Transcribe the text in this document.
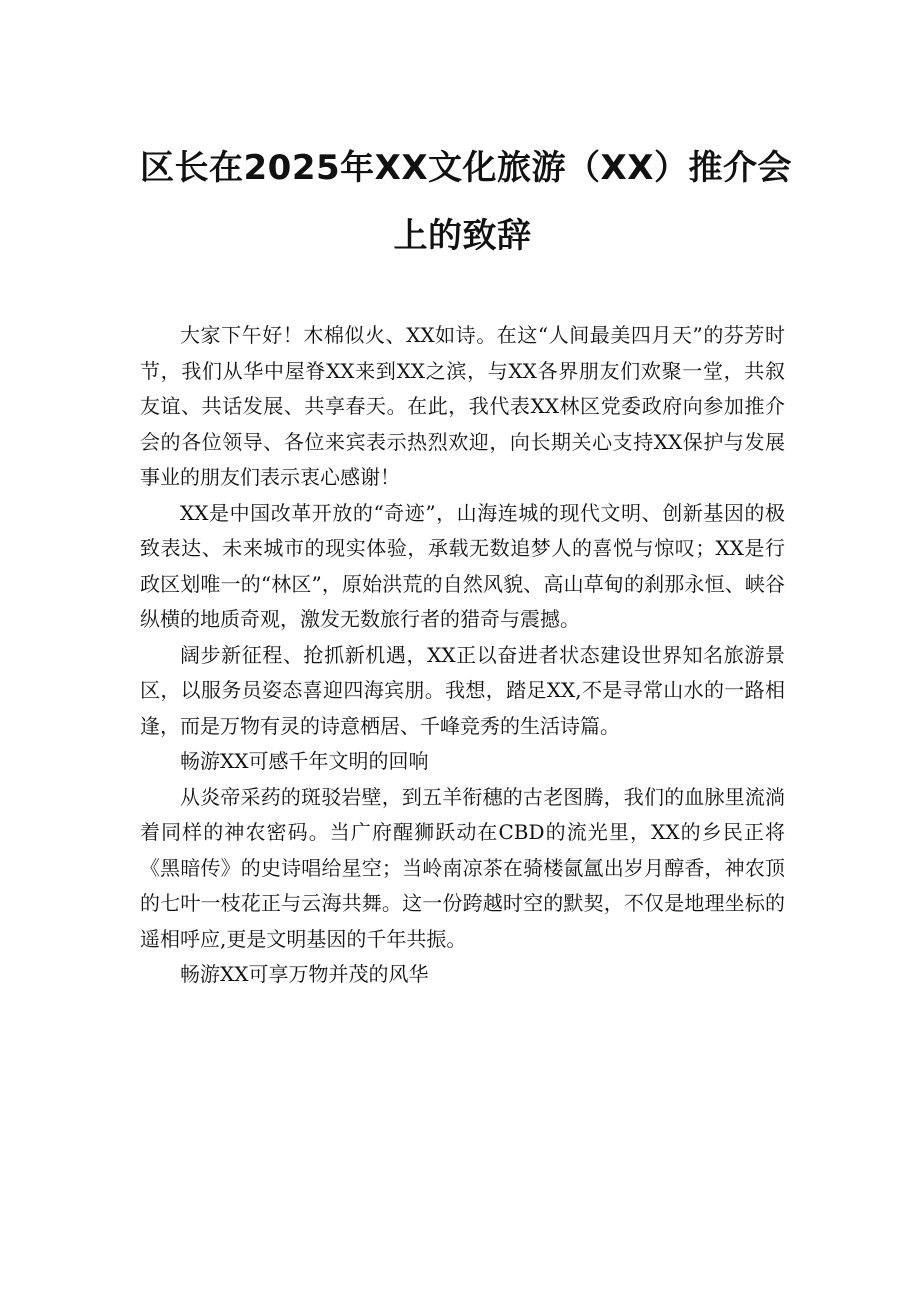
区长在2025年XX文化旅游（XX）推介会
上的致辞

大家下午好！木棉似火、XX如诗。在这“人间最美四月天”的芬芳时节，我们从华中屋脊XX来到XX之滨，与XX各界朋友们欢聚一堂，共叙友谊、共话发展、共享春天。在此，我代表XX林区党委政府向参加推介会的各位领导、各位来宾表示热烈欢迎，向长期关心支持XX保护与发展事业的朋友们表示衷心感谢！

XX是中国改革开放的“奇迹”，山海连城的现代文明、创新基因的极致表达、未来城市的现实体验，承载无数追梦人的喜悦与惊叹；XX是行政区划唯一的“林区”，原始洪荒的自然风貌、高山草甸的刹那永恒、峡谷纵横的地质奇观，激发无数旅行者的猎奇与震撼。

阔步新征程、抢抓新机遇，XX正以奋进者状态建设世界知名旅游景区，以服务员姿态喜迎四海宾朋。我想，踏足XX,不是寻常山水的一路相逢，而是万物有灵的诗意栖居、千峰竞秀的生活诗篇。

畅游XX可感千年文明的回响

从炎帝采药的斑驳岩壁，到五羊衔穗的古老图腾，我们的血脉里流淌着同样的神农密码。当广府醒狮跃动在CBD的流光里，XX的乡民正将《黑暗传》的史诗唱给星空；当岭南凉茶在骑楼氤氲出岁月醇香，神农顶的七叶一枝花正与云海共舞。这一份跨越时空的默契，不仅是地理坐标的遥相呼应,更是文明基因的千年共振。

畅游XX可享万物并茂的风华
